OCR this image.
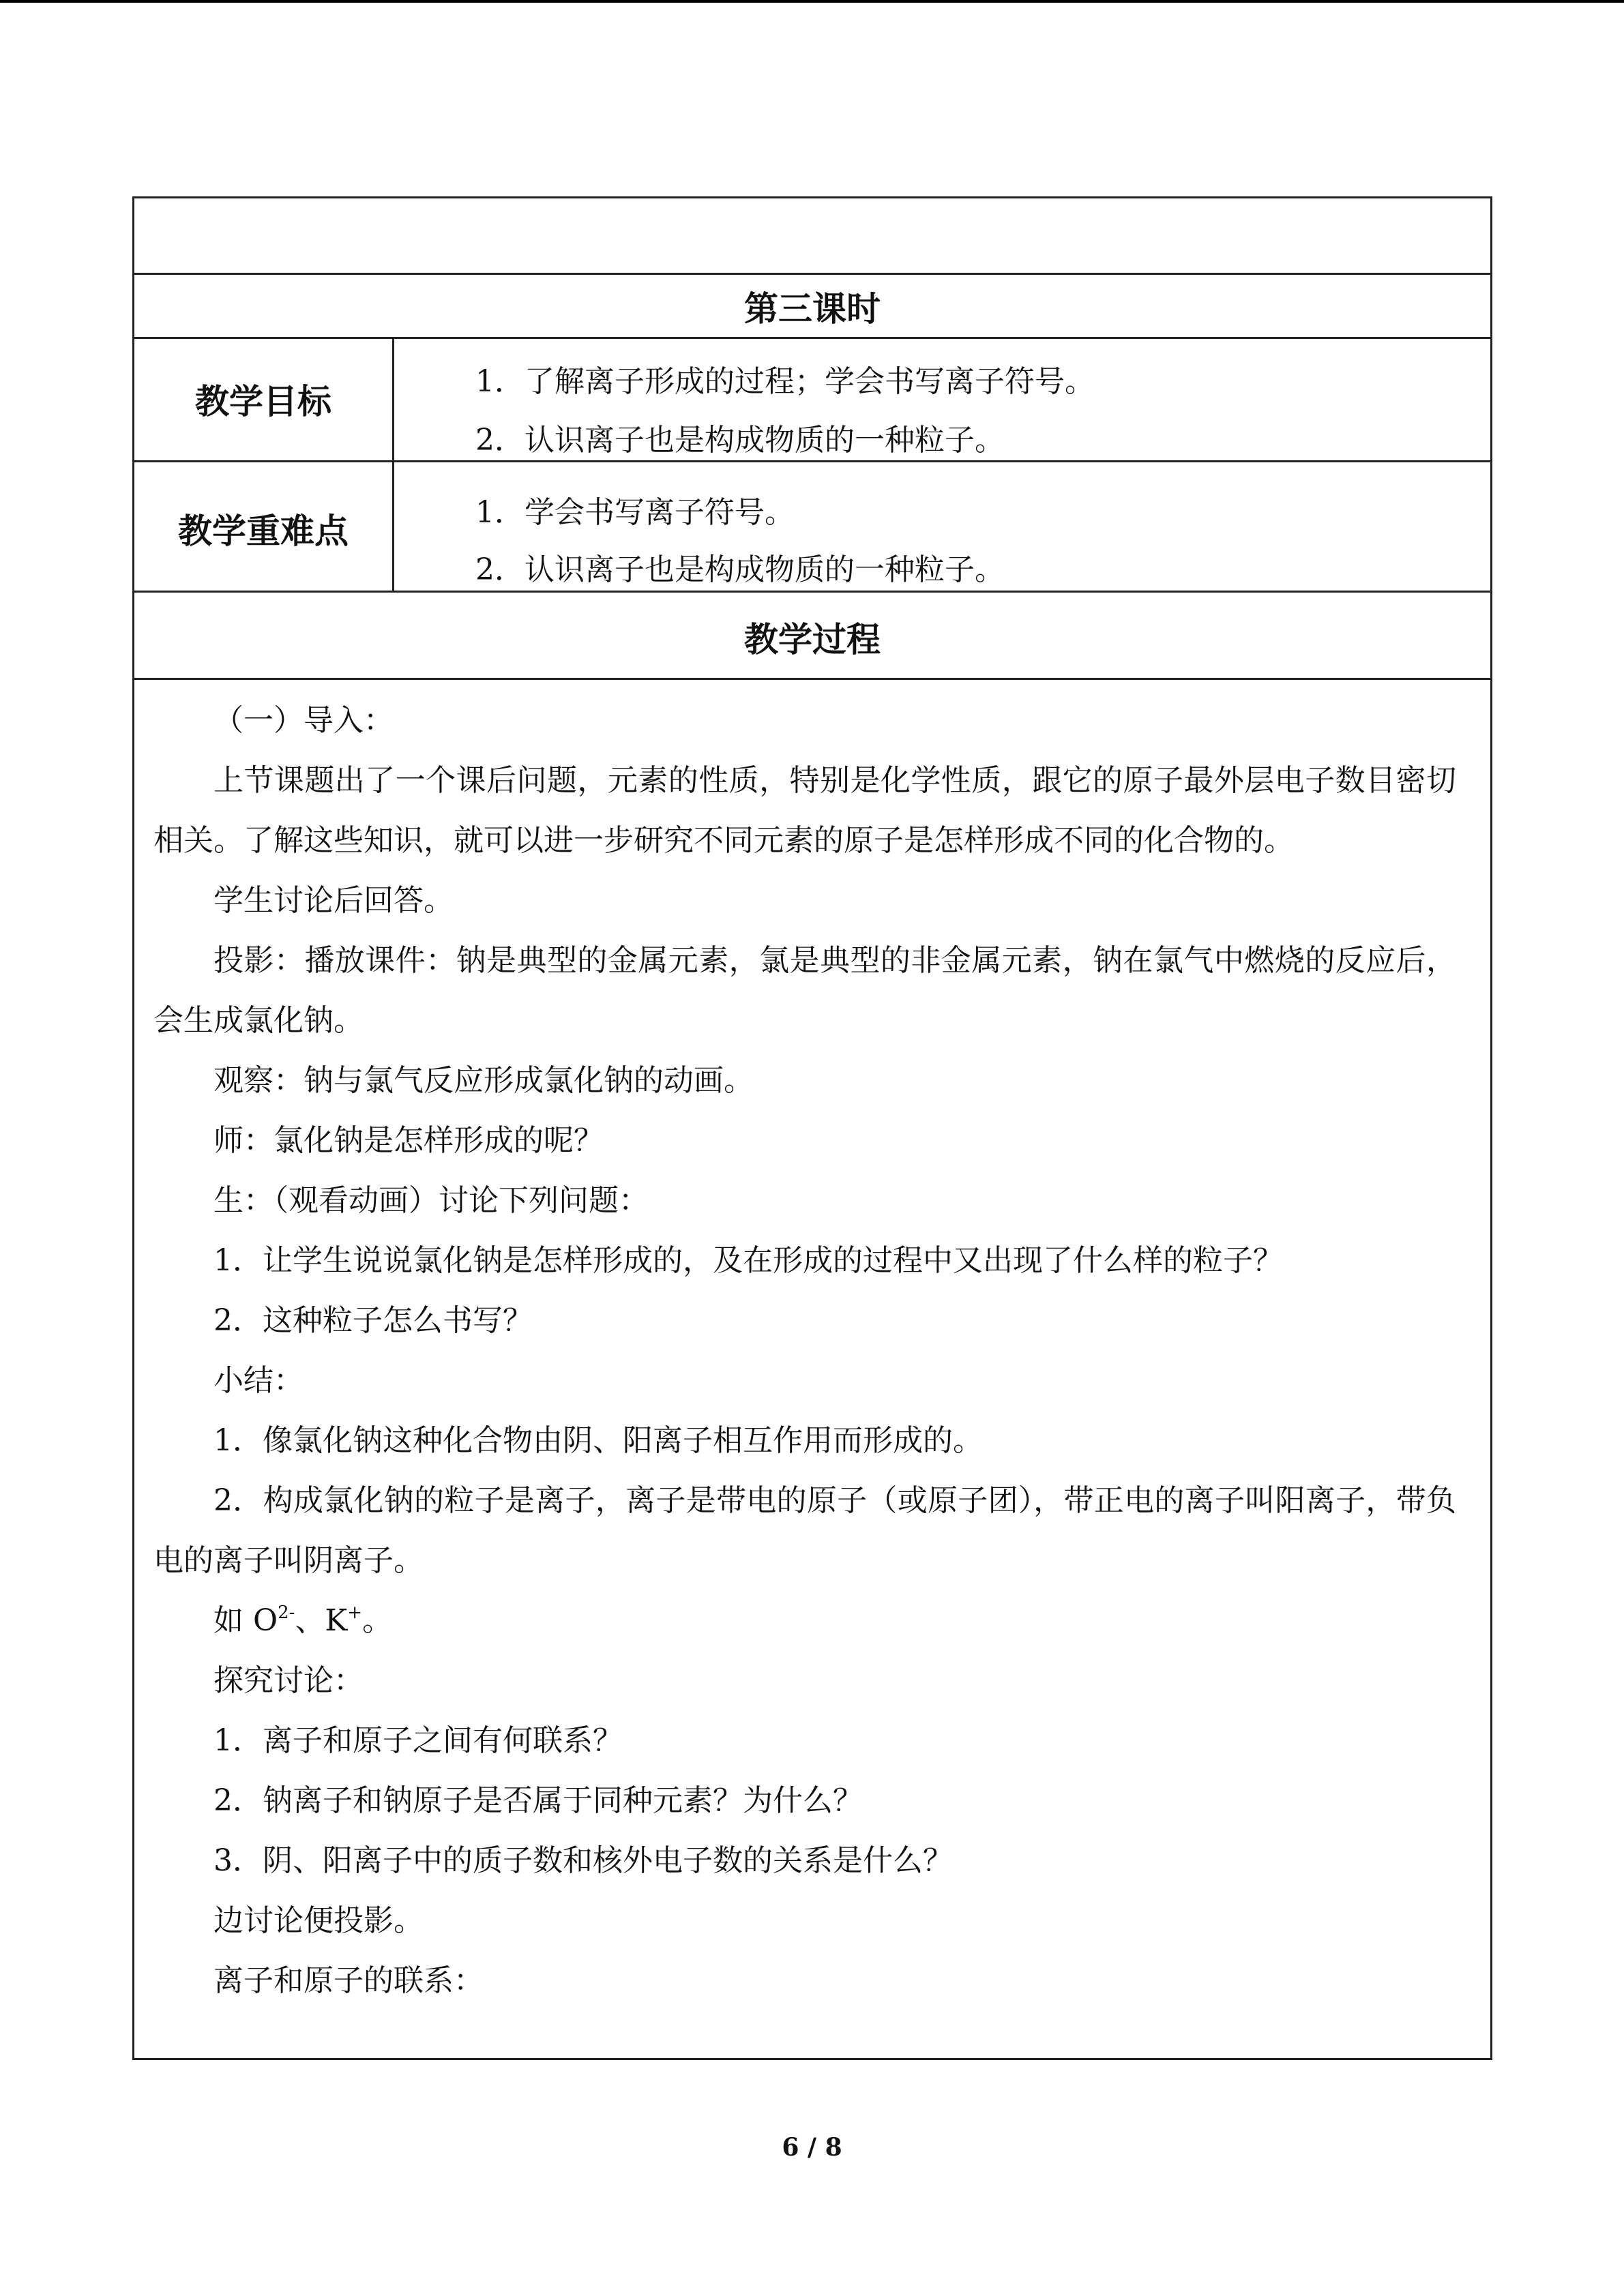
第三课时
教学目标
1．了解离子形成的过程；学会书写离子符号。
2．认识离子也是构成物质的一种粒子。
教学重难点	1．学会书写离子符号。
2．认识离子也是构成物质的一种粒子。
教学过程

（一）导入：

上节课题出了一个课后问题，元素的性质，特别是化学性质，跟它的原子最外层电子数目密切相关。了解这些知识，就可以进一步研究不同元素的原子是怎样形成不同的化合物的。

学生讨论后回答。

投影：播放课件：钠是典型的金属元素，氯是典型的非金属元素，钠在氯气中燃烧的反应后，会生成氯化钠。

观察：钠与氯气反应形成氯化钠的动画。

师：氯化钠是怎样形成的呢？

生：（观看动画）讨论下列问题：

1．让学生说说氯化钠是怎样形成的，及在形成的过程中又出现了什么样的粒子？

2．这种粒子怎么书写？

小结：

1．像氯化钠这种化合物由阴、阳离子相互作用而形成的。

2．构成氯化钠的粒子是离子，离子是带电的原子（或原子团），带正电的离子叫阳离子，带负电的离子叫阴离子。

如 $O^{2-}$、K+。

探究讨论：

1．离子和原子之间有何联系？

2．钠离子和钠原子是否属于同种元素？为什么？

3．阴、阳离子中的质子数和核外电子数的关系是什么？

边讨论便投影。

离子和原子的联系：

6 / 8
